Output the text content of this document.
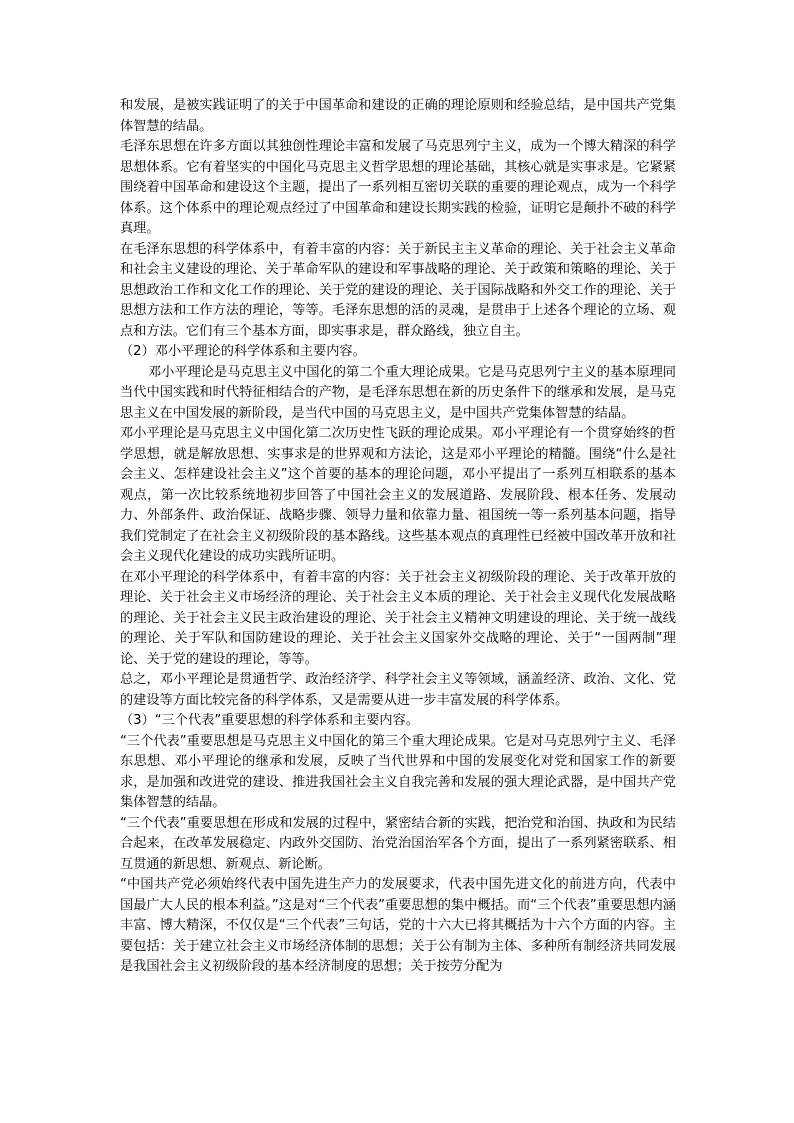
和发展，是被实践证明了的关于中国革命和建设的正确的理论原则和经验总结，是中国共产党集体智慧的结晶。

毛泽东思想在许多方面以其独创性理论丰富和发展了马克思列宁主义，成为一个博大精深的科学思想体系。它有着坚实的中国化马克思主义哲学思想的理论基础，其核心就是实事求是。它紧紧围绕着中国革命和建设这个主题，提出了一系列相互密切关联的重要的理论观点，成为一个科学体系。这个体系中的理论观点经过了中国革命和建设长期实践的检验，证明它是颠扑不破的科学真理。

在毛泽东思想的科学体系中，有着丰富的内容：关于新民主主义革命的理论、关于社会主义革命和社会主义建设的理论、关于革命军队的建设和军事战略的理论、关于政策和策略的理论、关于思想政治工作和文化工作的理论、关于党的建设的理论、关于国际战略和外交工作的理论、关于思想方法和工作方法的理论，等等。毛泽东思想的活的灵魂，是贯串于上述各个理论的立场、观点和方法。它们有三个基本方面，即实事求是，群众路线，独立自主。

（2）邓小平理论的科学体系和主要内容。

邓小平理论是马克思主义中国化的第二个重大理论成果。它是马克思列宁主义的基本原理同当代中国实践和时代特征相结合的产物，是毛泽东思想在新的历史条件下的继承和发展，是马克思主义在中国发展的新阶段，是当代中国的马克思主义，是中国共产党集体智慧的结晶。

邓小平理论是马克思主义中国化第二次历史性飞跃的理论成果。邓小平理论有一个贯穿始终的哲学思想，就是解放思想、实事求是的世界观和方法论，这是邓小平理论的精髓。围绕“什么是社会主义、怎样建设社会主义”这个首要的基本的理论问题，邓小平提出了一系列互相联系的基本观点，第一次比较系统地初步回答了中国社会主义的发展道路、发展阶段、根本任务、发展动力、外部条件、政治保证、战略步骤、领导力量和依靠力量、祖国统一等一系列基本问题，指导我们党制定了在社会主义初级阶段的基本路线。这些基本观点的真理性已经被中国改革开放和社会主义现代化建设的成功实践所证明。

在邓小平理论的科学体系中，有着丰富的内容：关于社会主义初级阶段的理论、关于改革开放的理论、关于社会主义市场经济的理论、关于社会主义本质的理论、关于社会主义现代化发展战略的理论、关于社会主义民主政治建设的理论、关于社会主义精神文明建设的理论、关于统一战线的理论、关于军队和国防建设的理论、关于社会主义国家外交战略的理论、关于“一国两制”理论、关于党的建设的理论，等等。

总之，邓小平理论是贯通哲学、政治经济学、科学社会主义等领域，涵盖经济、政治、文化、党的建设等方面比较完备的科学体系，又是需要从进一步丰富发展的科学体系。

（3）“三个代表”重要思想的科学体系和主要内容。

“三个代表”重要思想是马克思主义中国化的第三个重大理论成果。它是对马克思列宁主义、毛泽东思想、邓小平理论的继承和发展，反映了当代世界和中国的发展变化对党和国家工作的新要求，是加强和改进党的建设、推进我国社会主义自我完善和发展的强大理论武器，是中国共产党集体智慧的结晶。

“三个代表”重要思想在形成和发展的过程中，紧密结合新的实践，把治党和治国、执政和为民结合起来，在改革发展稳定、内政外交国防、治党治国治军各个方面，提出了一系列紧密联系、相互贯通的新思想、新观点、新论断。

“中国共产党必须始终代表中国先进生产力的发展要求，代表中国先进文化的前进方向，代表中国最广大人民的根本利益。”这是对“三个代表”重要思想的集中概括。而“三个代表”重要思想内涵丰富、博大精深，不仅仅是“三个代表”三句话，党的十六大已将其概括为十六个方面的内容。主要包括：关于建立社会主义市场经济体制的思想；关于公有制为主体、多种所有制经济共同发展是我国社会主义初级阶段的基本经济制度的思想；关于按劳分配为
